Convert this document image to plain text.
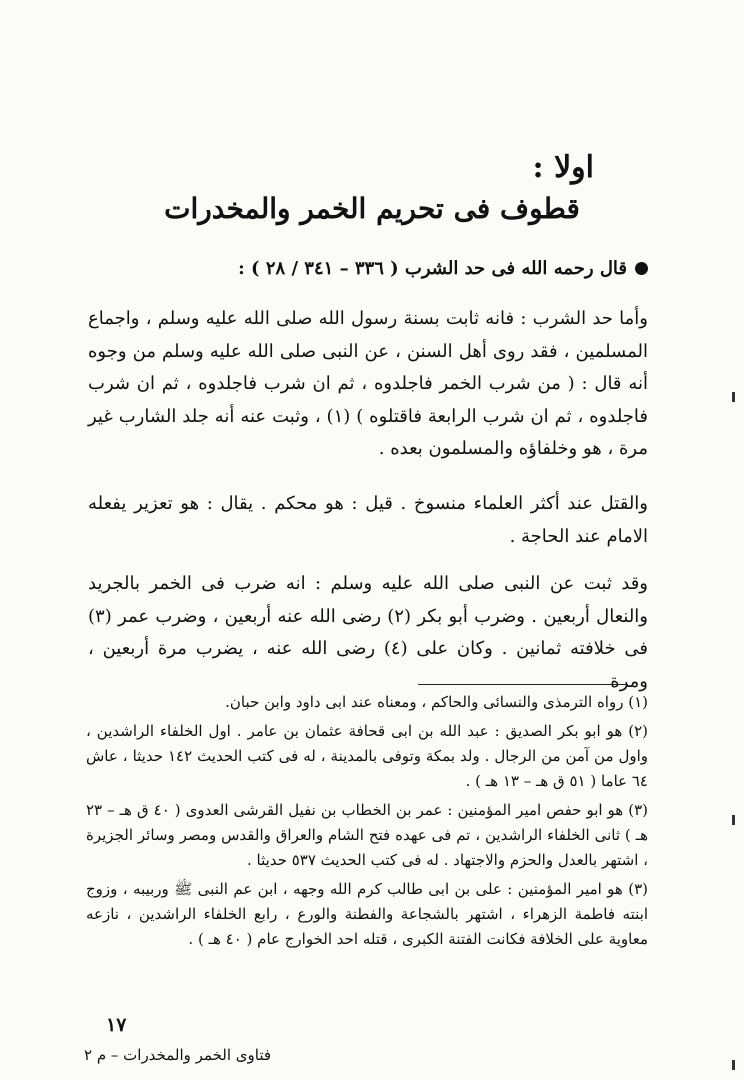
اولا :
قطوف فى تحريم الخمر والمخدرات
قال رحمه الله فى حد الشرب ( ٣٣٦ – ٣٤١ / ٢٨ ) :

وأما حد الشرب : فانه ثابت بسنة رسول الله صلى الله عليه وسلم ، واجماع المسلمين ، فقد روى أهل السنن ، عن النبى صلى الله عليه وسلم من وجوه أنه قال : ( من شرب الخمر فاجلدوه ، ثم ان شرب فاجلدوه ، ثم ان شرب فاجلدوه ، ثم ان شرب الرابعة فاقتلوه ) (١) ، وثبت عنه أنه جلد الشارب غير مرة ، هو وخلفاؤه والمسلمون بعده .

والقتل عند أكثر العلماء منسوخ . قيل : هو محكم . يقال : هو تعزير يفعله الامام عند الحاجة .

وقد ثبت عن النبى صلى الله عليه وسلم : انه ضرب فى الخمر بالجريد والنعال أربعين . وضرب أبو بكر (٢) رضى الله عنه أربعين ، وضرب عمر (٣) فى خلافته ثمانين . وكان على (٤) رضى الله عنه ، يضرب مرة أربعين ، ومرة

(١) رواه الترمذى والنسائى والحاكم ، ومعناه عند ابى داود وابن حبان.

(٢) هو ابو بكر الصديق : عبد الله بن ابى قحافة عثمان بن عامر . اول الخلفاء الراشدين ، واول من آمن من الرجال . ولد بمكة وتوفى بالمدينة ، له فى كتب الحديث ١٤٢ حديثا ، عاش ٦٤ عاما ( ٥١ ق هـ – ١٣ هـ ) .

(٣) هو ابو حفص امير المؤمنين : عمر بن الخطاب بن نفيل القرشى العدوى ( ٤٠ ق هـ – ٢٣ هـ ) ثانى الخلفاء الراشدين ، تم فى عهده فتح الشام والعراق والقدس ومصر وسائر الجزيرة ، اشتهر بالعدل والحزم والاجتهاد . له فى كتب الحديث ٥٣٧ حديثا .

(٣) هو امير المؤمنين : على بن ابى طالب كرم الله وجهه ، ابن عم النبى ﷺ وربيبه ، وزوج ابنته فاطمة الزهراء ، اشتهر بالشجاعة والفطنة والورع ، رابع الخلفاء الراشدين ، نازعه معاوية على الخلافة فكانت الفتنة الكبرى ، قتله احد الخوارج عام ( ٤٠ هـ ) .

١٧
فتاوى الخمر والمخدرات – م ٢
